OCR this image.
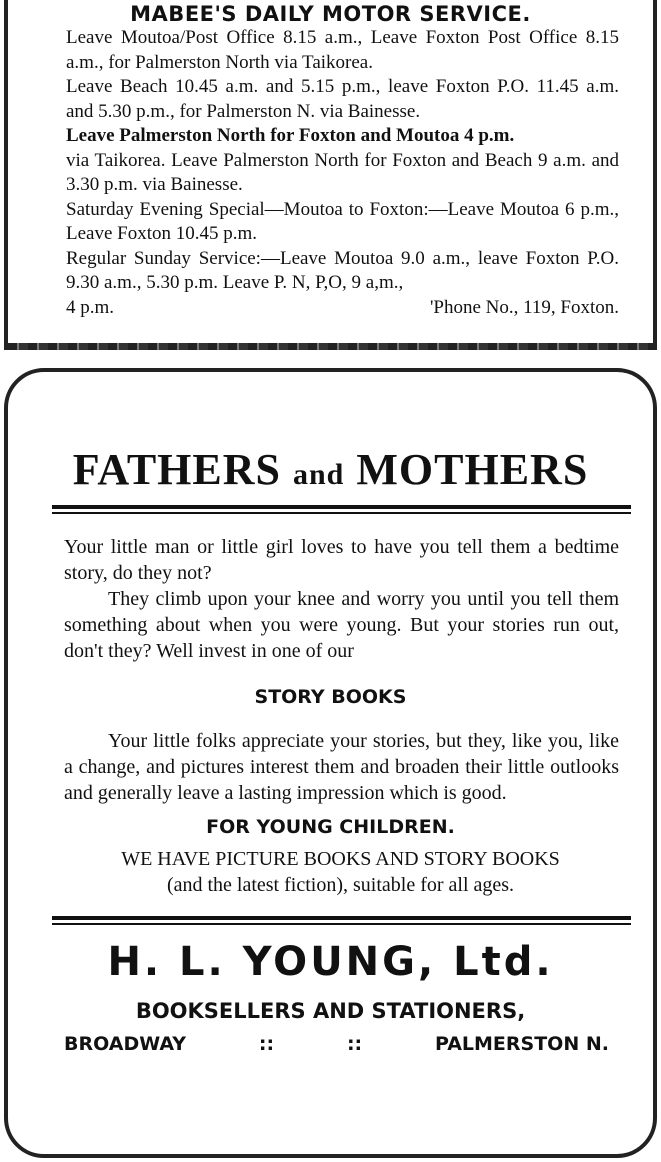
MABEE'S DAILY MOTOR SERVICE.

Leave Moutoa/Post Office 8.15 a.m., Leave Foxton Post Office 8.15 a.m., for Palmerston North via Taikorea.

Leave Beach 10.45 a.m. and 5.15 p.m., leave Foxton P.O. 11.45 a.m. and 5.30 p.m., for Palmerston N. via Bainesse.

Leave Palmerston North for Foxton and Moutoa 4 p.m.

via Taikorea. Leave Palmerston North for Foxton and Beach 9 a.m. and 3.30 p.m. via Bainesse.

Saturday Evening Special—Moutoa to Foxton:—Leave Moutoa 6 p.m., Leave Foxton 10.45 p.m.

Regular Sunday Service:—Leave Moutoa 9.0 a.m., leave Foxton P.O. 9.30 a.m., 5.30 p.m. Leave P. N, P,O, 9 a,m.,

4 p.m.	'Phone No., 119, Foxton.

FATHERS and MOTHERS

Your little man or little girl loves to have you tell them a bedtime story, do they not?

They climb upon your knee and worry you until you tell them something about when you were young. But your stories run out, don't they? Well invest in one of our

STORY BOOKS

Your little folks appreciate your stories, but they, like you, like a change, and pictures interest them and broaden their little outlooks and generally leave a lasting impression which is good.

FOR YOUNG CHILDREN.
WE HAVE PICTURE BOOKS AND STORY BOOKS
(and the latest fiction), suitable for all ages.
H. L. YOUNG, Ltd.
BOOKSELLERS AND STATIONERS,
BROADWAY	::	::	PALMERSTON N.
